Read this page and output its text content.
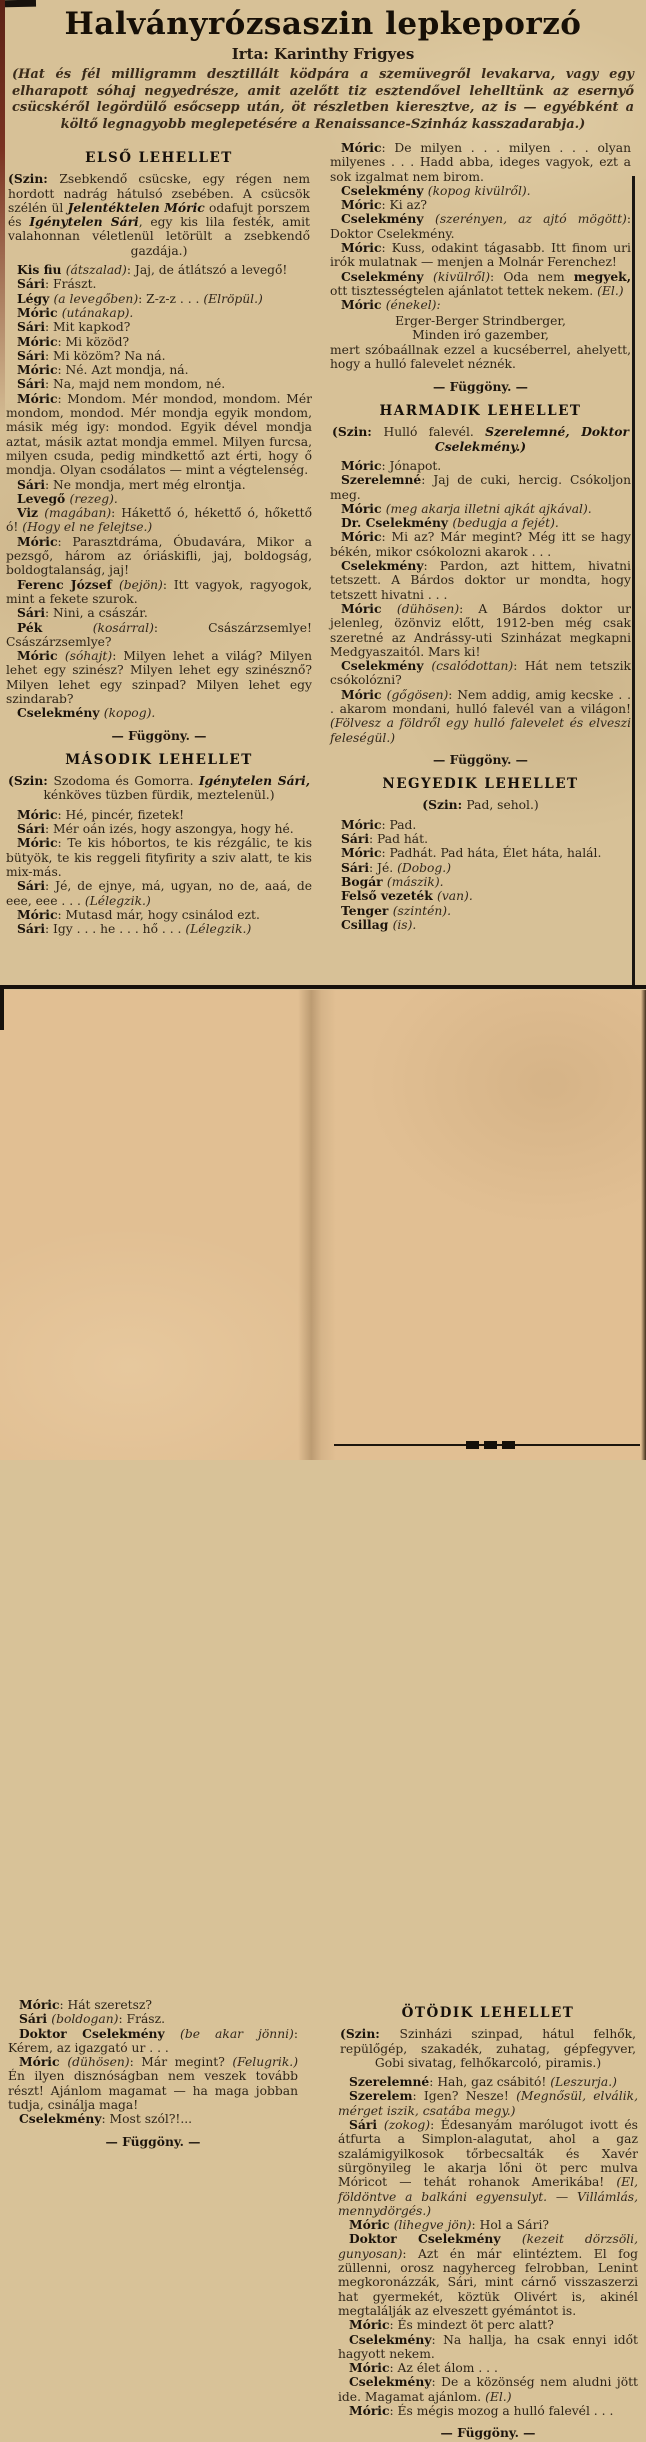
Halványrózsaszin lepkeporzó
Irta: Karinthy Frigyes

(Hat és fél milligramm desztillált ködpára a szemüvegről levakarva, vagy egy elharapott sóhaj negyedrésze, amit azelőtt tiz esztendővel lehelltünk az esernyő csücskéről legördülő esőcsepp után, öt részletben kieresztve, az is — egyébként a költő legnagyobb meglepetésére a Renaissance-Szinház kasszadarabja.)

ELSŐ LEHELLET

(Szin: Zsebkendő csücske, egy régen nem hordott nadrág hátulsó zsebében. A csücsök szélén ül Jelentéktelen Móric odafujt porszem és Igénytelen Sári, egy kis lila festék, amit valahonnan véletlenül letörült a zsebkendő gazdája.)

Kis fiu (átszalad): Jaj, de átlátszó a levegő!

Sári: Frászt.

Légy (a levegőben): Z-z-z . . . (Elröpül.)

Móric (utánakap).

Sári: Mit kapkod?

Móric: Mi közöd?

Sári: Mi közöm? Na ná.

Móric: Né. Azt mondja, ná.

Sári: Na, majd nem mondom, né.

Móric: Mondom. Mér mondod, mondom. Mér mondom, mondod. Mér mondja egyik mondom, másik még igy: mondod. Egyik dével mondja aztat, másik aztat mondja emmel. Milyen furcsa, milyen csuda, pedig mindkettő azt érti, hogy ő mondja. Olyan csodálatos — mint a végtelenség.

Sári: Ne mondja, mert még elrontja.

Levegő (rezeg).

Viz (magában): Hákettő ó, hékettő ó, hőkettő ó! (Hogy el ne felejtse.)

Móric: Parasztdráma, Óbudavára, Mikor a pezsgő, három az óriáskifli, jaj, boldogság, boldogtalanság, jaj!

Ferenc József (bejön): Itt vagyok, ragyogok, mint a fekete szurok.

Sári: Nini, a császár.

Pék (kosárral): Császárzsemlye! Császárzsemlye?

Móric (sóhajt): Milyen lehet a világ? Milyen lehet egy szinész? Milyen lehet egy szinésznő? Milyen lehet egy szinpad? Milyen lehet egy szindarab?

Cselekmény (kopog).

— Függöny. —

MÁSODIK LEHELLET

(Szin: Szodoma és Gomorra. Igénytelen Sári, kénköves tüzben fürdik, meztelenül.)

Móric: Hé, pincér, fizetek!

Sári: Mér oán izés, hogy aszongya, hogy hé.

Móric: Te kis hóbortos, te kis rézgálic, te kis bütyök, te kis reggeli fityfirity a sziv alatt, te kis mix-más.

Sári: Jé, de ejnye, má, ugyan, no de, aaá, de eee, eee . . . (Lélegzik.)

Móric: Mutasd már, hogy csinálod ezt.

Sári: Igy . . . he . . . hő . . . (Lélegzik.)

Móric: De milyen . . . milyen . . . olyan milyenes . . . Hadd abba, ideges vagyok, ezt a sok izgalmat nem birom.

Cselekmény (kopog kivülről).

Móric: Ki az?

Cselekmény (szerényen, az ajtó mögött): Doktor Cselekmény.

Móric: Kuss, odakint tágasabb. Itt finom uri irók mulatnak — menjen a Molnár Ferenchez!

Cselekmény (kivülről): Oda nem megyek, ott tisztességtelen ajánlatot tettek nekem. (El.)

Móric (énekel):

Erger-Berger Strindberger,
Minden iró gazember,

mert szóbaállnak ezzel a kucséberrel, ahelyett, hogy a hulló falevelet néznék.

— Függöny. —

HARMADIK LEHELLET

(Szin: Hulló falevél. Szerelemné, Doktor Cselekmény.)

Móric: Jónapot.

Szerelemné: Jaj de cuki, hercig. Csókoljon meg.

Móric (meg akarja illetni ajkát ajkával).

Dr. Cselekmény (bedugja a fejét).

Móric: Mi az? Már megint? Még itt se hagy békén, mikor csókolozni akarok . . .

Cselekmény: Pardon, azt hittem, hivatni tetszett. A Bárdos doktor ur mondta, hogy tetszett hivatni . . .

Móric (dühösen): A Bárdos doktor ur jelenleg, özönviz előtt, 1912-ben még csak szeretné az Andrássy-uti Szinházat megkapni Medgyaszaitól. Mars ki!

Cselekmény (csalódottan): Hát nem tetszik csókolózni?

Móric (gőgösen): Nem addig, amig kecske . . . akarom mondani, hulló falevél van a világon! (Fölvesz a földről egy hulló falevelet és elveszi feleségül.)

— Függöny. —

NEGYEDIK LEHELLET

(Szin: Pad, sehol.)

Móric: Pad.

Sári: Pad hát.

Móric: Padhát. Pad háta, Élet háta, halál.

Sári: Jé. (Dobog.)

Bogár (mászik).

Felső vezeték (van).

Tenger (szintén).

Csillag (is).

Móric: Hát szeretsz?

Sári (boldogan): Frász.

Doktor Cselekmény (be akar jönni): Kérem, az igazgató ur . . .

Móric (dühösen): Már megint? (Felugrik.) Én ilyen disznóságban nem veszek tovább részt! Ajánlom magamat — ha maga jobban tudja, csinálja maga!

Cselekmény: Most szól?!...

— Függöny. —

ÖTÖDIK LEHELLET

(Szin: Szinházi szinpad, hátul felhők, repülőgép, szakadék, zuhatag, gépfegyver, Gobi sivatag, felhőkarcoló, piramis.)

Szerelemné: Hah, gaz csábitó! (Leszurja.)

Szerelem: Igen? Nesze! (Megnősül, elválik, mérget iszik, csatába megy.)

Sári (zokog): Édesanyám marólugot ivott és átfurta a Simplon-alagutat, ahol a gaz szalámigyilkosok tőrbecsalták és Xavér sürgönyileg le akarja lőni öt perc mulva Móricot — tehát rohanok Amerikába! (El, földöntve a balkáni egyensulyt. — Villámlás, mennydörgés.)

Móric (lihegve jön): Hol a Sári?

Doktor Cselekmény (kezeit dörzsöli, gunyosan): Azt én már elintéztem. El fog züllenni, orosz nagyherceg felrobban, Lenint megkoronázzák, Sári, mint cárnő visszaszerzi hat gyermekét, köztük Olivért is, akinél megtalálják az elveszett gyémántot is.

Móric: És mindezt öt perc alatt?

Cselekmény: Na hallja, ha csak ennyi időt hagyott nekem.

Móric: Az élet álom . . .

Cselekmény: De a közönség nem aludni jött ide. Magamat ajánlom. (El.)

Móric: És mégis mozog a hulló falevél . . .

— Függöny. —
